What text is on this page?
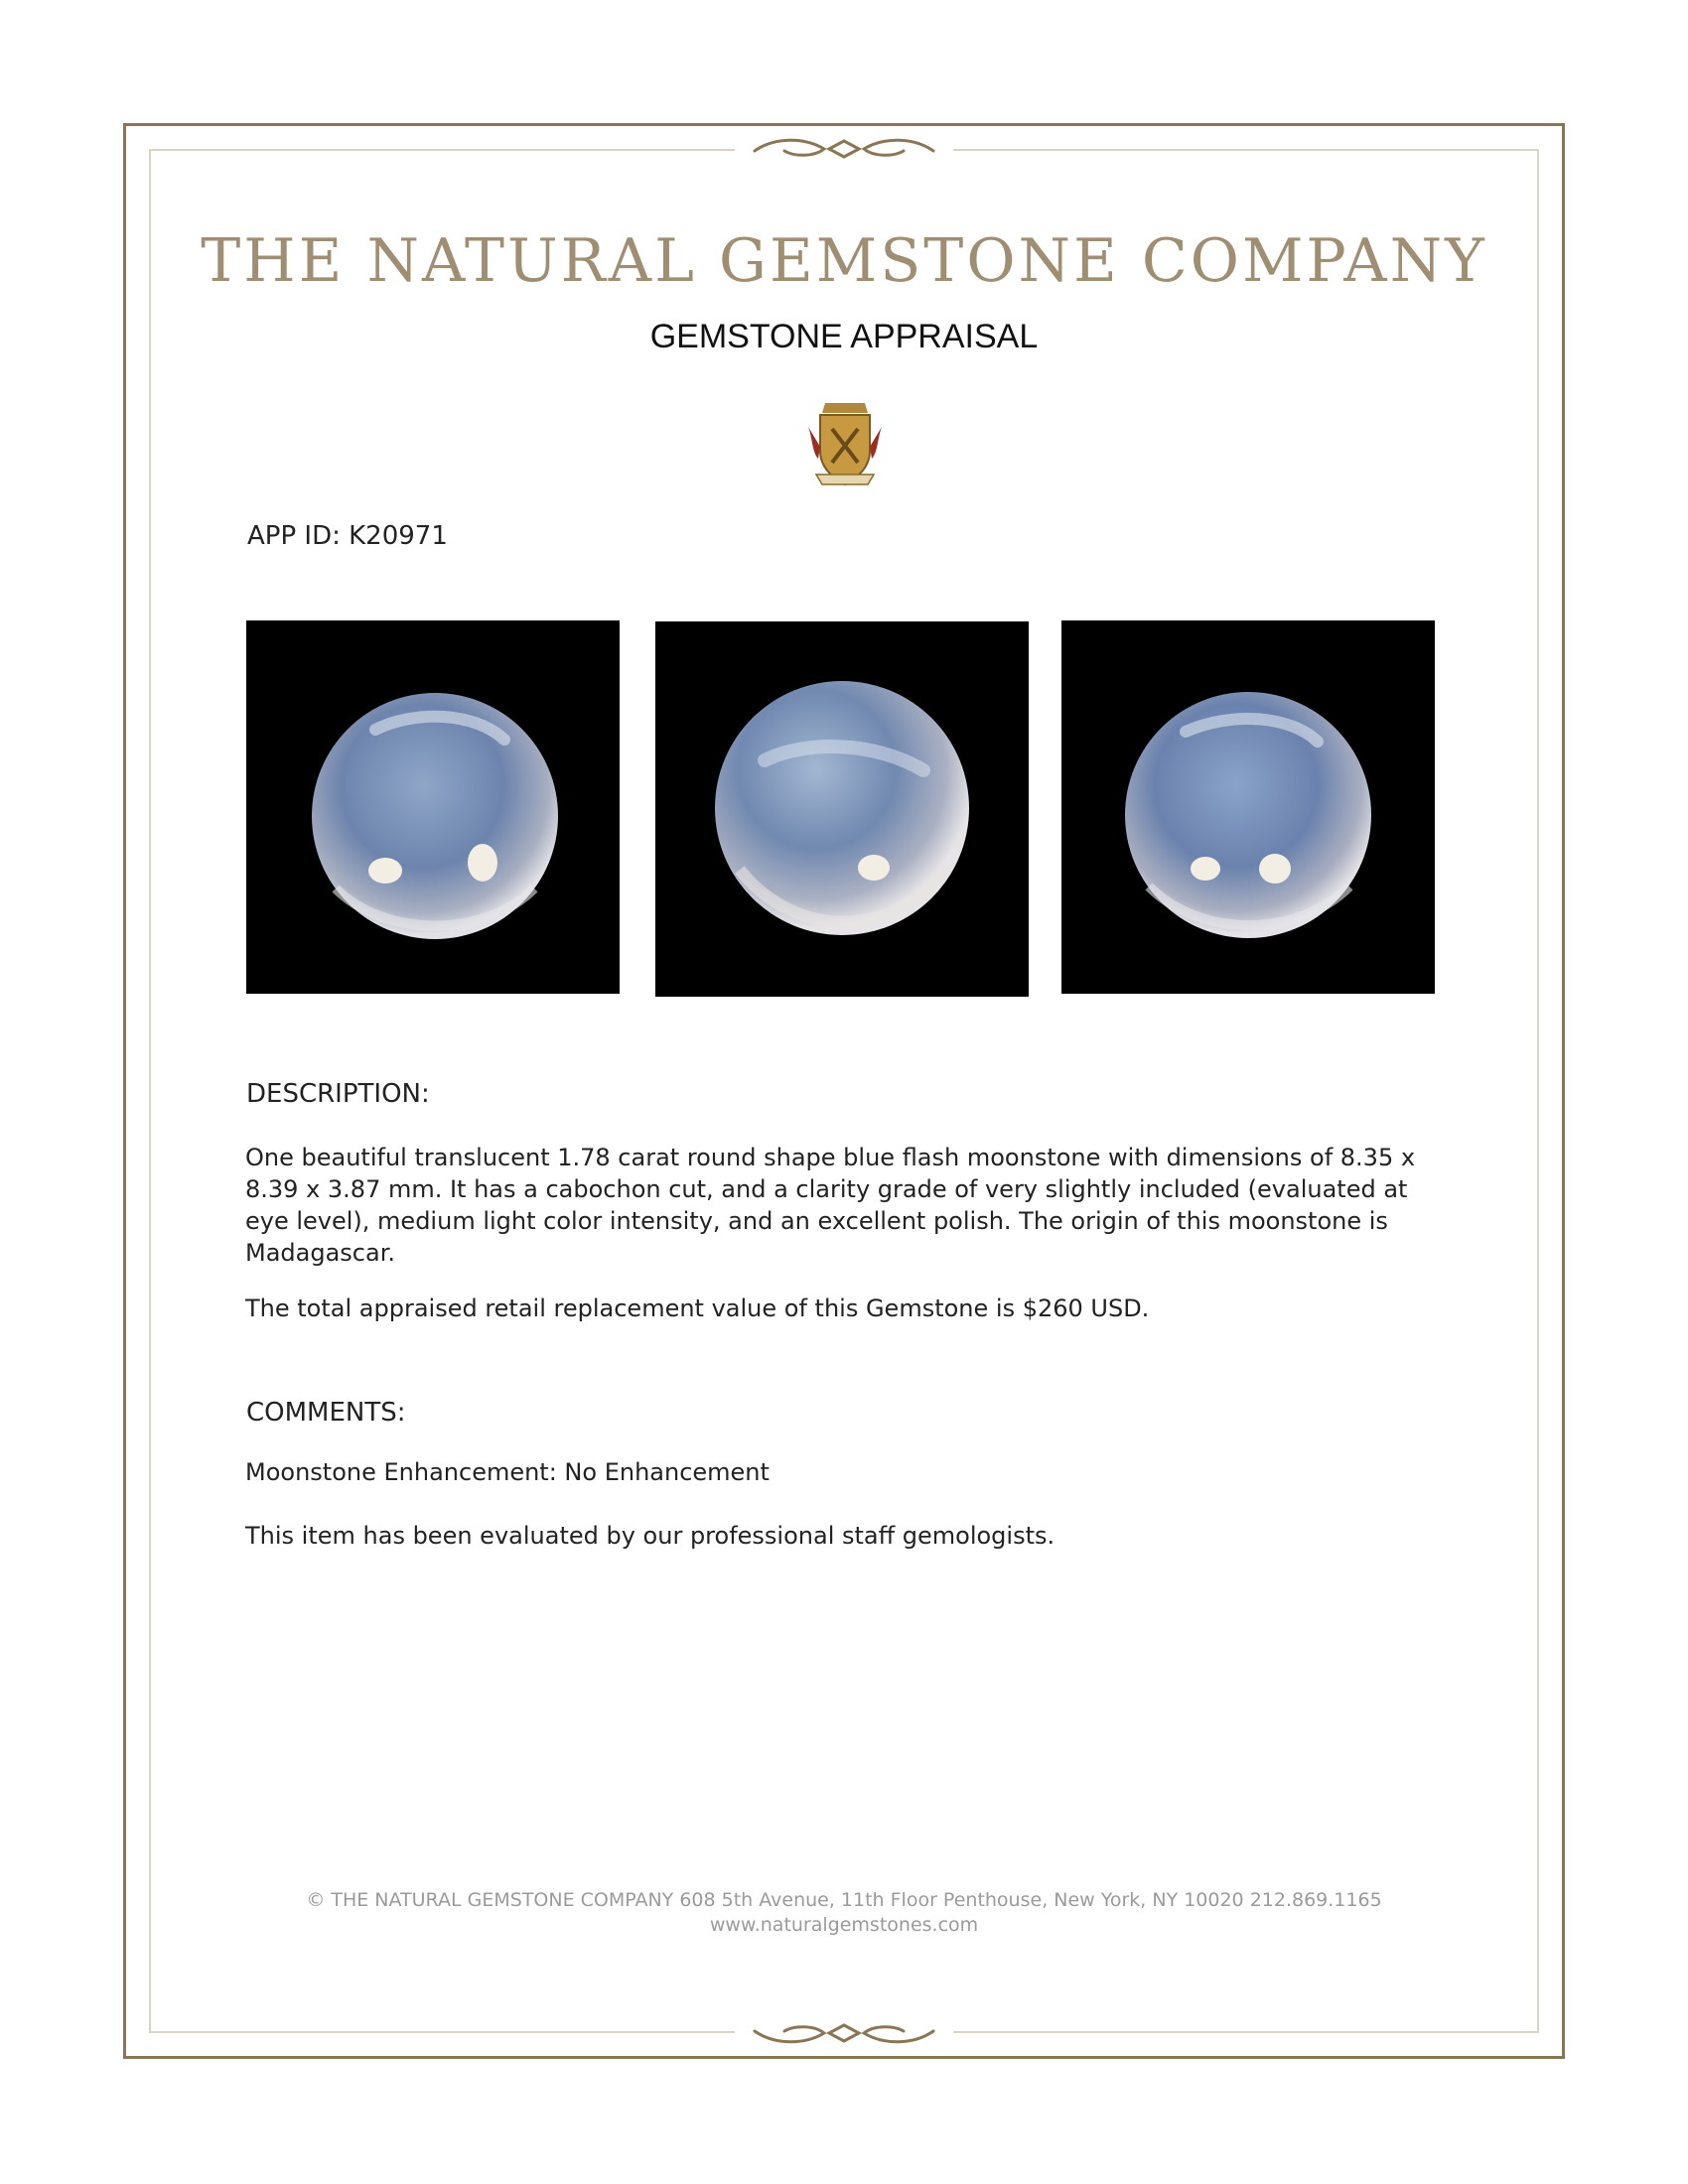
THE NATURAL GEMSTONE COMPANY
GEMSTONE APPRAISAL
APP ID: K20971
DESCRIPTION:
One beautiful translucent 1.78 carat round shape blue flash moonstone with dimensions of 8.35 x 8.39 x 3.87 mm. It has a cabochon cut, and a clarity grade of very slightly included (evaluated at eye level), medium light color intensity, and an excellent polish. The origin of this moonstone is Madagascar.
The total appraised retail replacement value of this Gemstone is $260 USD.
COMMENTS:
Moonstone Enhancement: No Enhancement
This item has been evaluated by our professional staff gemologists.
© THE NATURAL GEMSTONE COMPANY 608 5th Avenue, 11th Floor Penthouse, New York, NY 10020 212.869.1165
www.naturalgemstones.com
